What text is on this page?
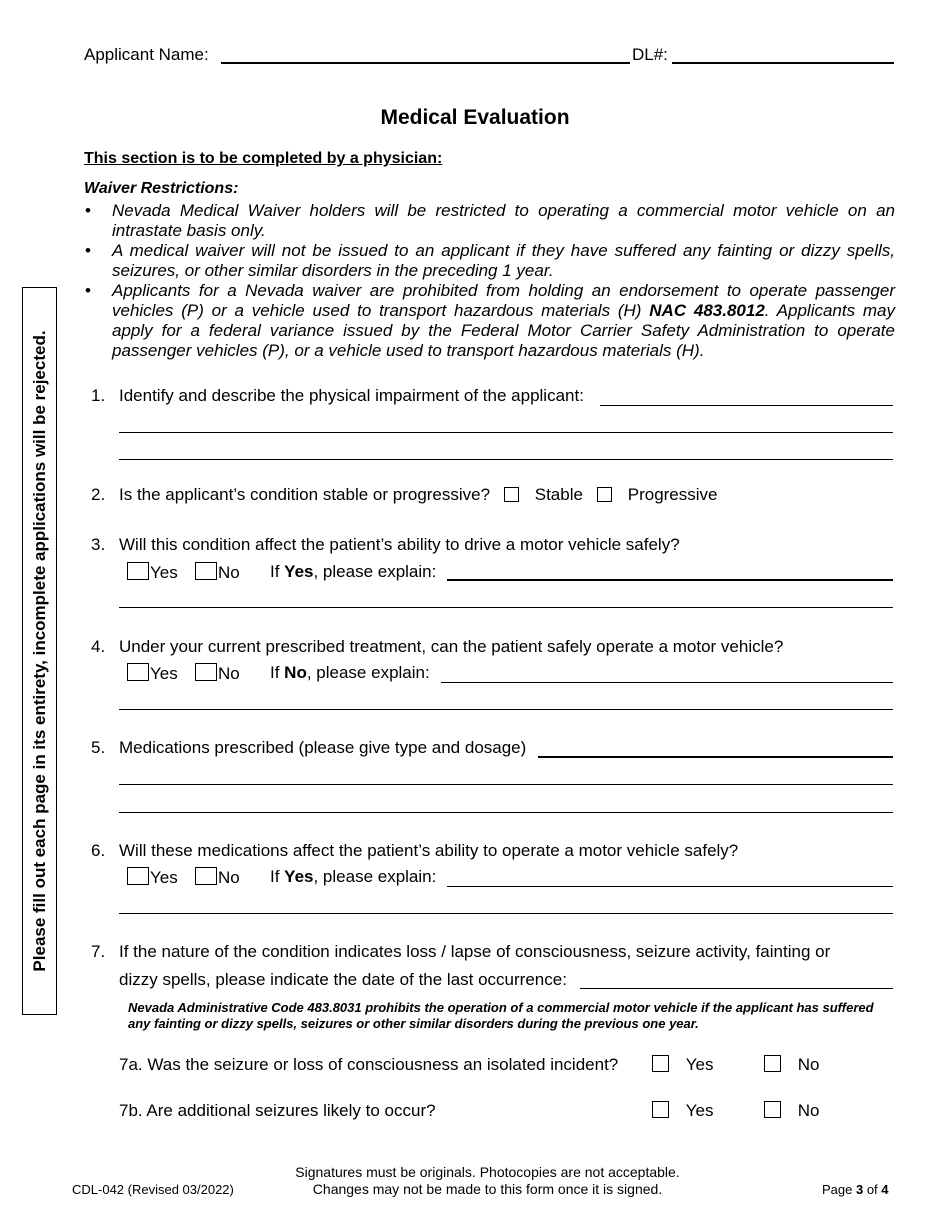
Applicant Name:	DL#:
Medical Evaluation
This section is to be completed by a physician:
Waiver Restrictions:
• Nevada Medical Waiver holders will be restricted to operating a commercial motor vehicle on an intrastate basis only.
• A medical waiver will not be issued to an applicant if they have suffered any fainting or dizzy spells, seizures, or other similar disorders in the preceding 1 year.
• Applicants for a Nevada waiver are prohibited from holding an endorsement to operate passenger vehicles (P) or a vehicle used to transport hazardous materials (H) NAC 483.8012. Applicants may apply for a federal variance issued by the Federal Motor Carrier Safety Administration to operate passenger vehicles (P), or a vehicle used to transport hazardous materials (H).
Please fill out each page in its entirety, incomplete applications will be rejected.	1. Identify and describe the physical impairment of the applicant:
2. Is the applicant’s condition stable or progressive?	Stable	Progressive
3. Will this condition affect the patient’s ability to drive a motor vehicle safely?
Yes	No If Yes, please explain:
4. Under your current prescribed treatment, can the patient safely operate a motor vehicle?
Yes	No If No, please explain:
5. Medications prescribed (please give type and dosage)
6. Will these medications affect the patient’s ability to operate a motor vehicle safely?
Yes	No If Yes, please explain:
7. If the nature of the condition indicates loss / lapse of consciousness, seizure activity, fainting or
dizzy spells, please indicate the date of the last occurrence:
Nevada Administrative Code 483.8031 prohibits the operation of a commercial motor vehicle if the applicant has suffered any fainting or dizzy spells, seizures or other similar disorders during the previous one year.
7a. Was the seizure or loss of consciousness an isolated incident?	Yes	No
7b. Are additional seizures likely to occur?	Yes	No
CDL-042 (Revised 03/2022)
Signatures must be originals. Photocopies are not acceptable.
Changes may not be made to this form once it is signed.	Page 3 of 4
